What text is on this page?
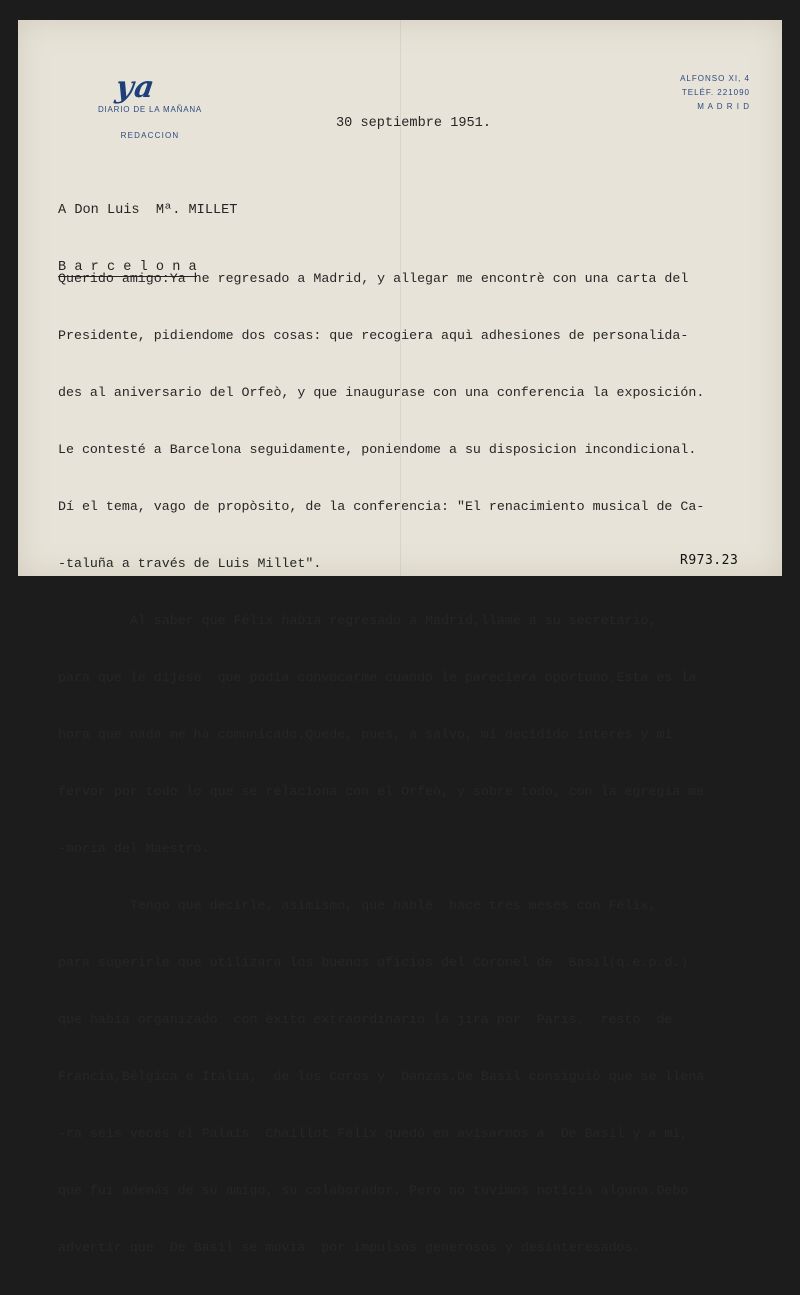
ya
DIARIO DE LA MAÑANA
REDACCION
ALFONSO XI, 4
TELÉF. 221090
M A D R I D
30 septiembre 1951.

A Don Luis  Mª. MILLET

B a r c e l o n a

Querido amigo:Ya he regresado a Madrid, y allegar me encontrè con una carta del

Presidente, pidiendome dos cosas: que recogiera aquì adhesiones de personalida-

des al aniversario del Orfeò, y que inaugurase con una conferencia la exposición.

Le contesté a Barcelona seguidamente, poniendome a su disposicion incondicional.

Dí el tema, vago de propòsito, de la conferencia: "El renacimiento musical de Ca-

-taluña a través de Luis Millet".

Al saber que Félix habia regresado a Madrid,llamé a su secretario,

para que le dijese  que podìa convocarme cuando le pareciera oportuno.Esta es la

hora que nada me ha comunicado.Quede, pues, a salvo, mi decidido interès y mi

fervor por todo lo que se relaciona con el Orfeò, y sobre todo, con la egregia me

-moria del Maestro.

Tengo que decirle, asimismo, que hablé  hace tres meses con Félix,

para sugerirle que utilizara los buenos oficios del Coronel de  Basil(q.e.p.d.)

que habia organizado  con èxito extraordinario la jira por  Paris,  resto  de

Francia,Bélgica e Italia,  de los Coros y  Danzas.De Basil consiguiò que se llena

-ra seis veces el Palais  Chaillot.Félix quedò en avisarnos a  De Basil y a mì,

que fuí además de su amigo, su colaborador. Pero no tuvimos noticia alguna.Debo

advertir que  De Basil se movìa  por impulsos generosos y desinteresados.

R973.23
